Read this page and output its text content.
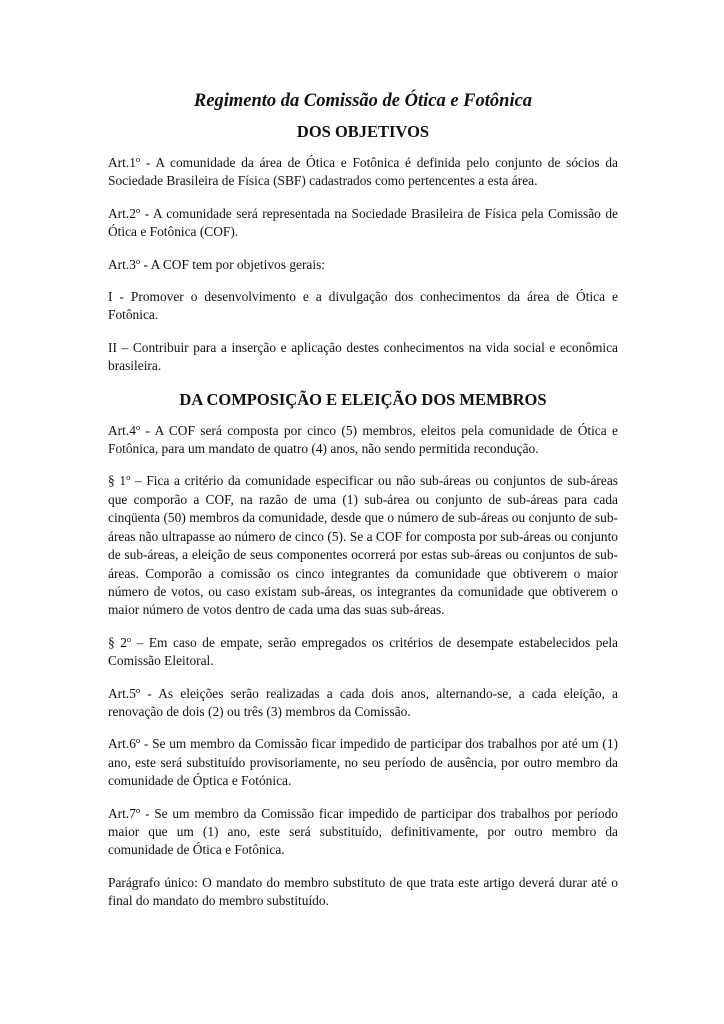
Regimento da Comissão de Ótica e Fotônica
DOS OBJETIVOS

Art.1$^o$ - A comunidade da área de Ótica e Fotônica é definida pelo conjunto de sócios da Sociedade Brasileira de Física (SBF) cadastrados como pertencentes a esta área.

Art.2$^o$ - A comunidade será representada na Sociedade Brasileira de Física pela Comissão de Ótica e Fotônica (COF).

Art.3$^o$ - A COF tem por objetivos gerais:

I - Promover o desenvolvimento e a divulgação dos conhecimentos da área de Ótica e Fotônica.

II – Contribuir para a inserção e aplicação destes conhecimentos na vida social e econômica brasileira.

DA COMPOSIÇÃO E ELEIÇÃO DOS MEMBROS

Art.4$^o$ - A COF será composta por cinco (5) membros, eleitos pela comunidade de Ótica e Fotônica, para um mandato de quatro (4) anos, não sendo permitida recondução.

§ 1$^o$ – Fica a critério da comunidade especificar ou não sub-áreas ou conjuntos de sub-áreas que comporão a COF, na razão de uma (1) sub-área ou conjunto de sub-áreas para cada cinqüenta (50) membros da comunidade, desde que o número de sub-áreas ou conjunto de sub-áreas não ultrapasse ao número de cinco (5). Se a COF for composta por sub-áreas ou conjunto de sub-áreas, a eleição de seus componentes ocorrerá por estas sub-áreas ou conjuntos de sub-áreas. Comporão a comissão os cinco integrantes da comunidade que obtiverem o maior número de votos, ou caso existam sub-áreas, os integrantes da comunidade que obtiverem o maior número de votos dentro de cada uma das suas sub-áreas.

§ 2$^o$ – Em caso de empate, serão empregados os critérios de desempate estabelecidos pela Comissão Eleitoral.

Art.5$^o$ - As eleições serão realizadas a cada dois anos, alternando-se, a cada eleição, a renovação de dois (2) ou três (3) membros da Comissão.

Art.6$^o$ - Se um membro da Comissão ficar impedido de participar dos trabalhos por até um (1) ano, este será substituído provisoriamente, no seu período de ausência, por outro membro da comunidade de Óptica e Fotónica.

Art.7$^o$ - Se um membro da Comissão ficar impedido de participar dos trabalhos por período maior que um (1) ano, este será substituído, definitivamente, por outro membro da comunidade de Ótica e Fotônica.

Parágrafo único: O mandato do membro substituto de que trata este artigo deverá durar até o final do mandato do membro substituído.
